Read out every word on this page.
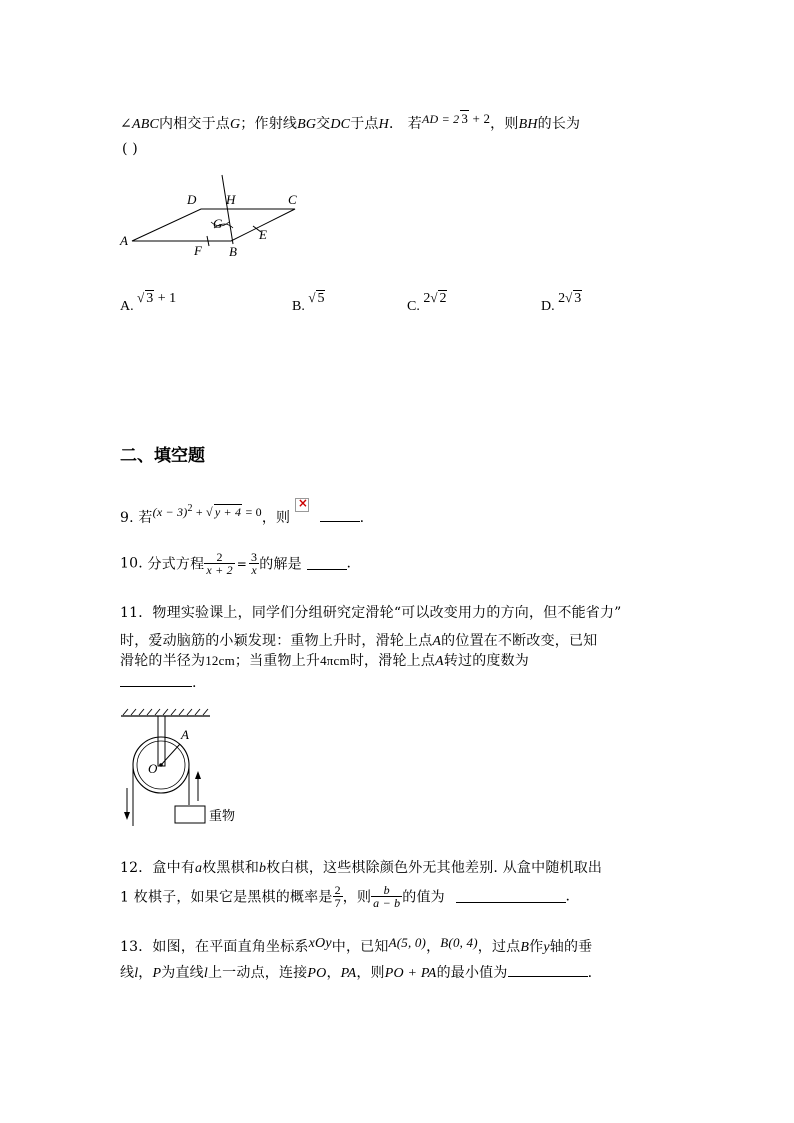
∠ABC内相交于点G；作射线BG交DC于点H． 若AD = 2 3 + 2，则BH的长为
( )
A
D H	C
G
E
F B
A. √ 3 + 1
B. √ 5
C. 2√ 2
D. 2√ 3
二、填空题
9. 若$(x - 3)^2$ + √ y + 4 = 0，则 ×	.
10. 分式方程 $\frac{2}{x + 2} = \frac{3}{x}$ 的解是	.
11．物理实验课上，同学们分组研究定滑轮“可以改变用力的方向，但不能省力”
时，爱动脑筋的小颖发现：重物上升时，滑轮上点A的位置在不断改变，已知
滑轮的半径为12cm；当重物上升4πcm时，滑轮上点A转过的度数为
.
A
O
重物
12．盒中有a枚黑棋和b枚白棋，这些棋除颜色外无其他差别. 从盒中随机取出
1 枚棋子，如果它是黑棋的概率是 $\frac{2}{7}$ ，则 $\frac{b}{a - b}$ 的值为	.
13．如图，在平面直角坐标系xOy中，已知A(5, 0)，B(0, 4)，过点B作y轴的垂
线l，P为直线l上一动点，连接PO，PA，则PO + PA的最小值为	.
